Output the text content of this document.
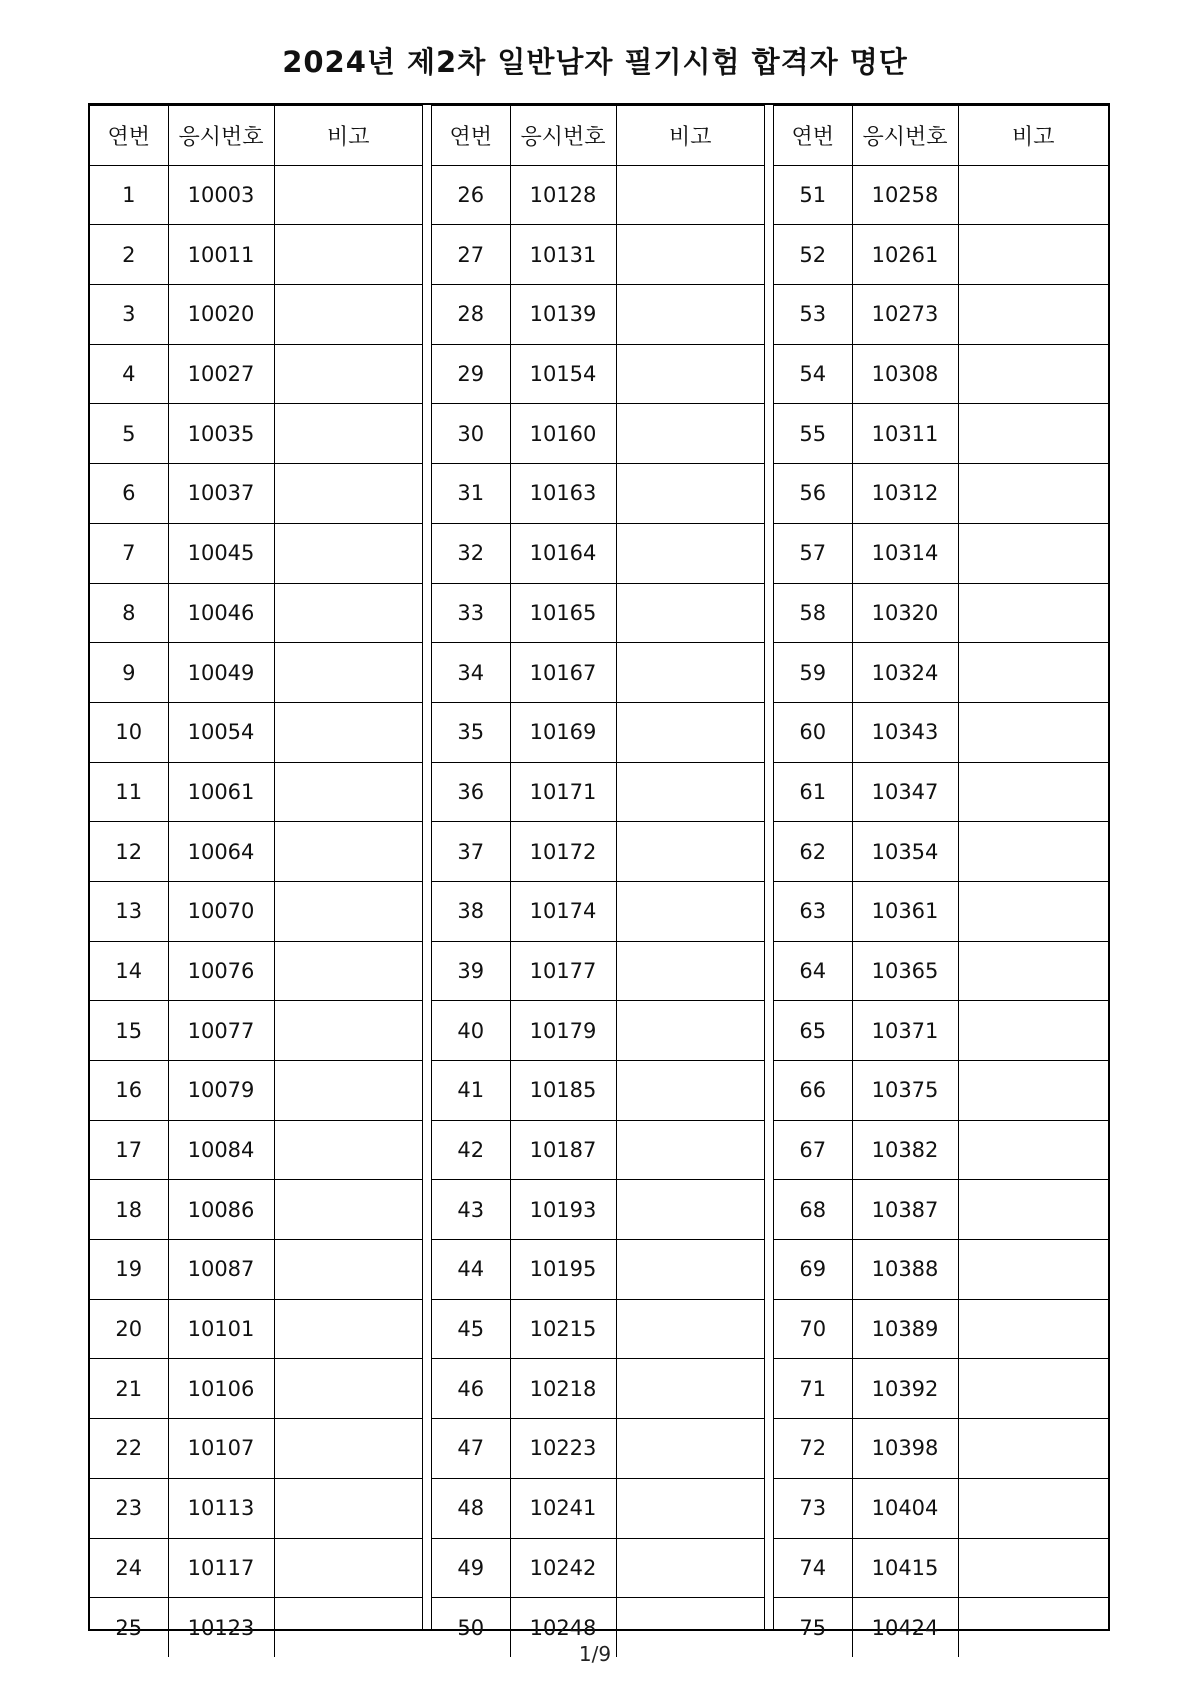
2024년 제2차 일반남자 필기시험 합격자 명단
연번	응시번호	비고
1	10003	
2	10011	
3	10020	
4	10027	
5	10035	
6	10037	
7	10045	
8	10046	
9	10049	
10	10054	
11	10061	
12	10064	
13	10070	
14	10076	
15	10077	
16	10079	
17	10084	
18	10086	
19	10087	
20	10101	
21	10106	
22	10107	
23	10113	
24	10117	
25	10123	
연번	응시번호	비고
26	10128	
27	10131	
28	10139	
29	10154	
30	10160	
31	10163	
32	10164	
33	10165	
34	10167	
35	10169	
36	10171	
37	10172	
38	10174	
39	10177	
40	10179	
41	10185	
42	10187	
43	10193	
44	10195	
45	10215	
46	10218	
47	10223	
48	10241	
49	10242	
50	10248	
연번	응시번호	비고
51	10258	
52	10261	
53	10273	
54	10308	
55	10311	
56	10312	
57	10314	
58	10320	
59	10324	
60	10343	
61	10347	
62	10354	
63	10361	
64	10365	
65	10371	
66	10375	
67	10382	
68	10387	
69	10388	
70	10389	
71	10392	
72	10398	
73	10404	
74	10415	
75	10424	
1/9
